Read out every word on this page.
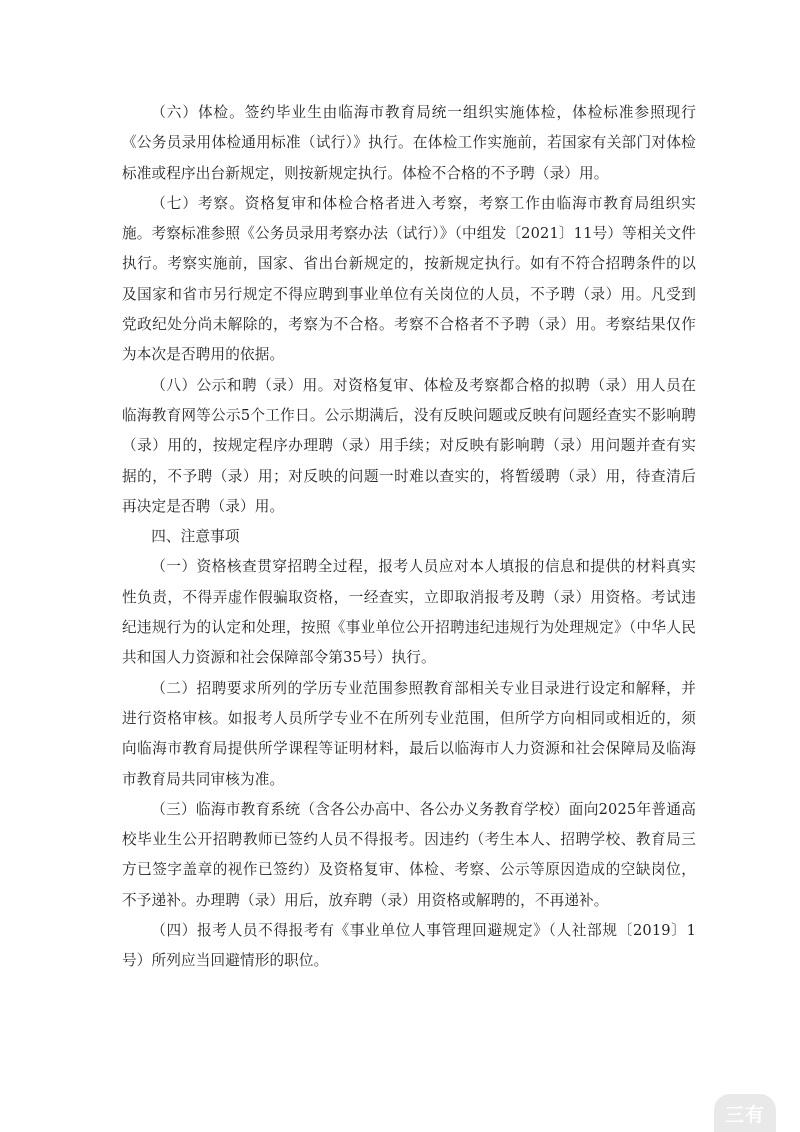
（六）体检。签约毕业生由临海市教育局统一组织实施体检，体检标准参照现行《公务员录用体检通用标准（试行）》执行。在体检工作实施前，若国家有关部门对体检标准或程序出台新规定，则按新规定执行。体检不合格的不予聘（录）用。

（七）考察。资格复审和体检合格者进入考察，考察工作由临海市教育局组织实施。考察标准参照《公务员录用考察办法（试行）》（中组发〔2021〕11号）等相关文件执行。考察实施前，国家、省出台新规定的，按新规定执行。如有不符合招聘条件的以及国家和省市另行规定不得应聘到事业单位有关岗位的人员，不予聘（录）用。凡受到党政纪处分尚未解除的，考察为不合格。考察不合格者不予聘（录）用。考察结果仅作为本次是否聘用的依据。

（八）公示和聘（录）用。对资格复审、体检及考察都合格的拟聘（录）用人员在临海教育网等公示5个工作日。公示期满后，没有反映问题或反映有问题经查实不影响聘（录）用的，按规定程序办理聘（录）用手续；对反映有影响聘（录）用问题并查有实据的，不予聘（录）用；对反映的问题一时难以查实的，将暂缓聘（录）用，待查清后再决定是否聘（录）用。

四、注意事项

（一）资格核查贯穿招聘全过程，报考人员应对本人填报的信息和提供的材料真实性负责，不得弄虚作假骗取资格，一经查实，立即取消报考及聘（录）用资格。考试违纪违规行为的认定和处理，按照《事业单位公开招聘违纪违规行为处理规定》（中华人民共和国人力资源和社会保障部令第35号）执行。

（二）招聘要求所列的学历专业范围参照教育部相关专业目录进行设定和解释，并进行资格审核。如报考人员所学专业不在所列专业范围，但所学方向相同或相近的，须向临海市教育局提供所学课程等证明材料，最后以临海市人力资源和社会保障局及临海市教育局共同审核为准。

（三）临海市教育系统（含各公办高中、各公办义务教育学校）面向2025年普通高校毕业生公开招聘教师已签约人员不得报考。因违约（考生本人、招聘学校、教育局三方已签字盖章的视作已签约）及资格复审、体检、考察、公示等原因造成的空缺岗位，不予递补。办理聘（录）用后，放弃聘（录）用资格或解聘的，不再递补。

（四）报考人员不得报考有《事业单位人事管理回避规定》（人社部规〔2019〕1号）所列应当回避情形的职位。

三有
